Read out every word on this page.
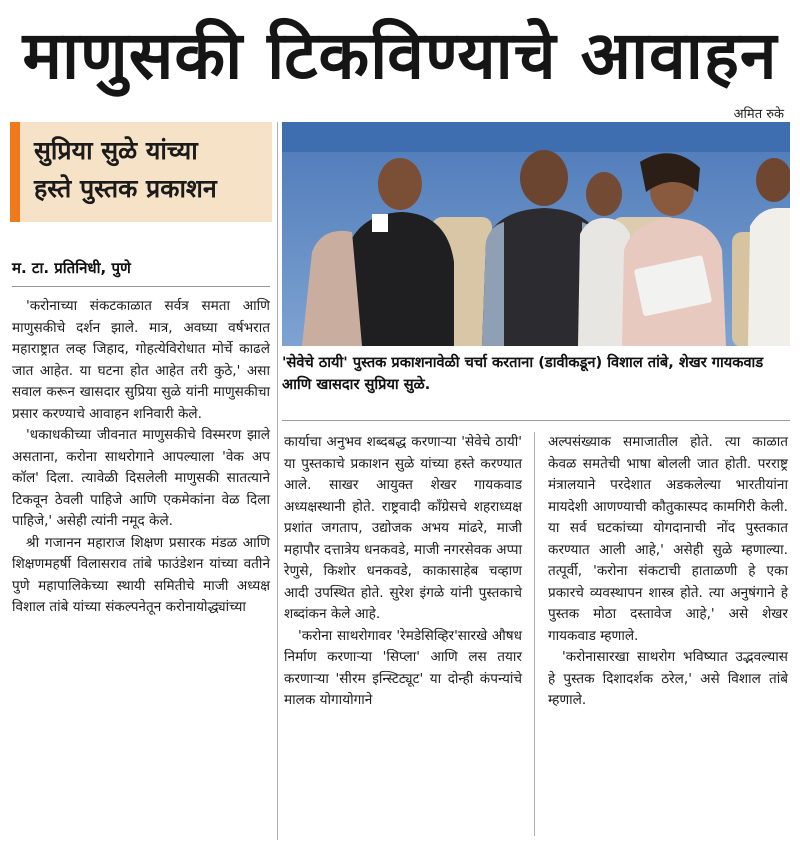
माणुसकी टिकविण्याचे आवाहन
अमित रुके
सुप्रिया सुळे यांच्या
हस्ते पुस्तक प्रकाशन
म. टा. प्रतिनिधी, पुणे
'सेवेचे ठायी' पुस्तक प्रकाशनावेळी चर्चा करताना (डावीकडून) विशाल तांबे, शेखर गायकवाड आणि खासदार सुप्रिया सुळे.

'करोनाच्या संकटकाळात सर्वत्र समता आणि माणुसकीचे दर्शन झाले. मात्र, अवघ्या वर्षभरात महाराष्ट्रात लव्ह जिहाद, गोहत्येविरोधात मोर्चे काढले जात आहेत. या घटना होत आहेत तरी कुठे,' असा सवाल करून खासदार सुप्रिया सुळे यांनी माणुसकीचा प्रसार करण्याचे आवाहन शनिवारी केले.

'धकाधकीच्या जीवनात माणुसकीचे विस्मरण झाले असताना, करोना साथरोगाने आपल्याला 'वेक अप कॉल' दिला. त्यावेळी दिसलेली माणुसकी सातत्याने टिकवून ठेवली पाहिजे आणि एकमेकांना वेळ दिला पाहिजे,' असेही त्यांनी नमूद केले.

श्री गजानन महाराज शिक्षण प्रसारक मंडळ आणि शिक्षणमहर्षी विलासराव तांबे फाउंडेशन यांच्या वतीने पुणे महापालिकेच्या स्थायी समितीचे माजी अध्यक्ष विशाल तांबे यांच्या संकल्पनेतून करोनायोद्ध्यांच्या

कार्याचा अनुभव शब्दबद्ध करणाऱ्या 'सेवेचे ठायी' या पुस्तकाचे प्रकाशन सुळे यांच्या हस्ते करण्यात आले. साखर आयुक्त शेखर गायकवाड अध्यक्षस्थानी होते. राष्ट्रवादी काँग्रेसचे शहराध्यक्ष प्रशांत जगताप, उद्योजक अभय मांढरे, माजी महापौर दत्तात्रेय धनकवडे, माजी नगरसेवक अप्पा रेणुसे, किशोर धनकवडे, काकासाहेब चव्हाण आदी उपस्थित होते. सुरेश इंगळे यांनी पुस्तकाचे शब्दांकन केले आहे.

'करोना साथरोगावर 'रेमडेसिव्हिर'सारखे औषध निर्माण करणाऱ्या 'सिप्ला' आणि लस तयार करणाऱ्या 'सीरम इन्स्टिट्यूट' या दोन्ही कंपन्यांचे मालक योगायोगाने

अल्पसंख्याक समाजातील होते. त्या काळात केवळ समतेची भाषा बोलली जात होती. परराष्ट्र मंत्रालयाने परदेशात अडकलेल्या भारतीयांना मायदेशी आणण्याची कौतुकास्पद कामगिरी केली. या सर्व घटकांच्या योगदानाची नोंद पुस्तकात करण्यात आली आहे,' असेही सुळे म्हणाल्या. तत्पूर्वी, 'करोना संकटाची हाताळणी हे एका प्रकारचे व्यवस्थापन शास्त्र होते. त्या अनुषंगाने हे पुस्तक मोठा दस्तावेज आहे,' असे शेखर गायकवाड म्हणाले.

'करोनासारखा साथरोग भविष्यात उद्भवल्यास हे पुस्तक दिशादर्शक ठरेल,' असे विशाल तांबे म्हणाले.
